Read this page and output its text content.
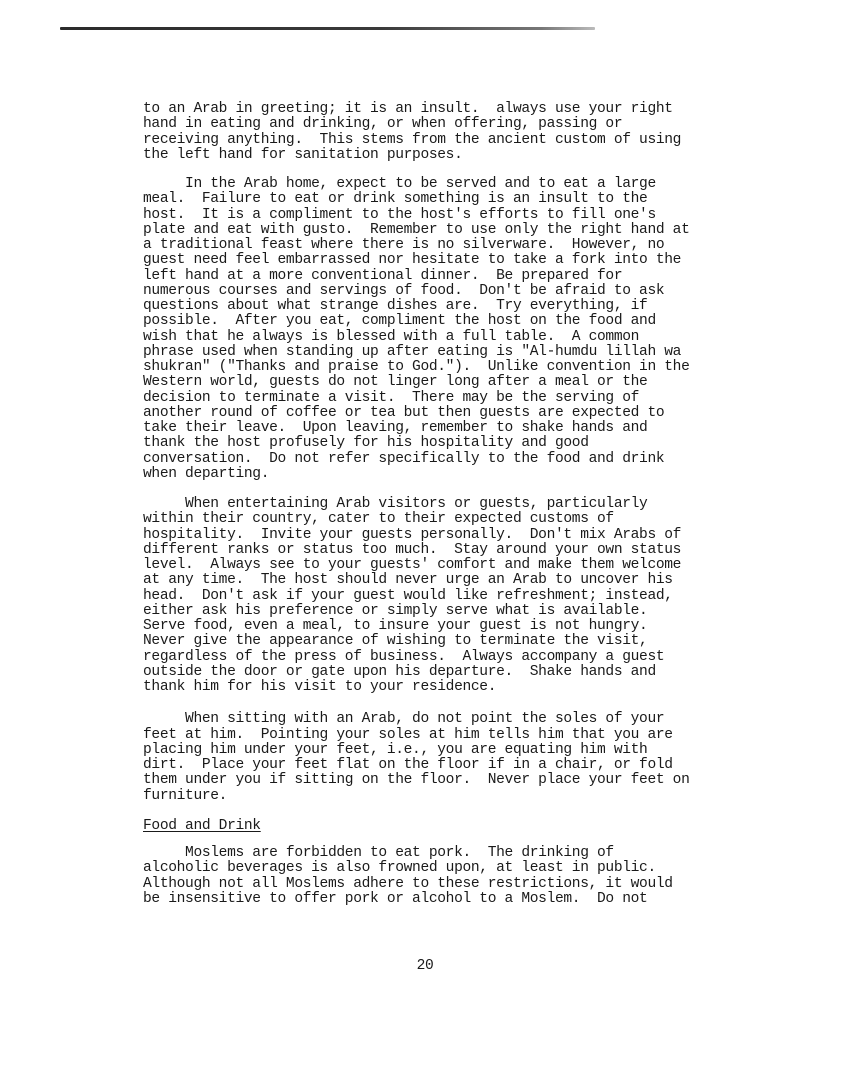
to an Arab in greeting; it is an insult.  always use your right
hand in eating and drinking, or when offering, passing or
receiving anything.  This stems from the ancient custom of using
the left hand for sanitation purposes.

In the Arab home, expect to be served and to eat a large
meal.  Failure to eat or drink something is an insult to the
host.  It is a compliment to the host's efforts to fill one's
plate and eat with gusto.  Remember to use only the right hand at
a traditional feast where there is no silverware.  However, no
guest need feel embarrassed nor hesitate to take a fork into the
left hand at a more conventional dinner.  Be prepared for
numerous courses and servings of food.  Don't be afraid to ask
questions about what strange dishes are.  Try everything, if
possible.  After you eat, compliment the host on the food and
wish that he always is blessed with a full table.  A common
phrase used when standing up after eating is "Al-humdu lillah wa
shukran" ("Thanks and praise to God.").  Unlike convention in the
Western world, guests do not linger long after a meal or the
decision to terminate a visit.  There may be the serving of
another round of coffee or tea but then guests are expected to
take their leave.  Upon leaving, remember to shake hands and
thank the host profusely for his hospitality and good
conversation.  Do not refer specifically to the food and drink
when departing.

When entertaining Arab visitors or guests, particularly
within their country, cater to their expected customs of
hospitality.  Invite your guests personally.  Don't mix Arabs of
different ranks or status too much.  Stay around your own status
level.  Always see to your guests' comfort and make them welcome
at any time.  The host should never urge an Arab to uncover his
head.  Don't ask if your guest would like refreshment; instead,
either ask his preference or simply serve what is available.
Serve food, even a meal, to insure your guest is not hungry.
Never give the appearance of wishing to terminate the visit,
regardless of the press of business.  Always accompany a guest
outside the door or gate upon his departure.  Shake hands and
thank him for his visit to your residence.

When sitting with an Arab, do not point the soles of your
feet at him.  Pointing your soles at him tells him that you are
placing him under your feet, i.e., you are equating him with
dirt.  Place your feet flat on the floor if in a chair, or fold
them under you if sitting on the floor.  Never place your feet on
furniture.

Food and Drink

Moslems are forbidden to eat pork.  The drinking of
alcoholic beverages is also frowned upon, at least in public.
Although not all Moslems adhere to these restrictions, it would
be insensitive to offer pork or alcohol to a Moslem.  Do not

20
